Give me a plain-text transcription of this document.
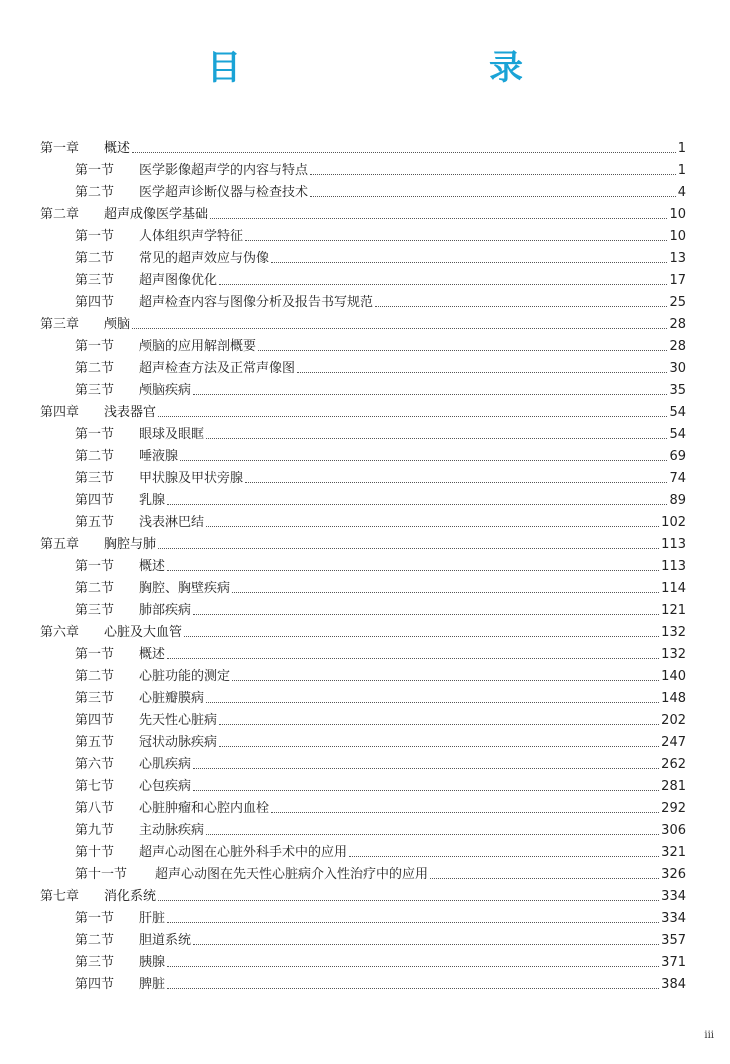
目　　录
第一章 概述	1
第一节 医学影像超声学的内容与特点	1
第二节 医学超声诊断仪器与检查技术	4
第二章 超声成像医学基础	10
第一节 人体组织声学特征	10
第二节 常见的超声效应与伪像	13
第三节 超声图像优化	17
第四节 超声检查内容与图像分析及报告书写规范	25
第三章 颅脑	28
第一节 颅脑的应用解剖概要	28
第二节 超声检查方法及正常声像图	30
第三节 颅脑疾病	35
第四章 浅表器官	54
第一节 眼球及眼眶	54
第二节 唾液腺	69
第三节 甲状腺及甲状旁腺	74
第四节 乳腺	89
第五节 浅表淋巴结	102
第五章 胸腔与肺	113
第一节 概述	113
第二节 胸腔、胸壁疾病	114
第三节 肺部疾病	121
第六章 心脏及大血管	132
第一节 概述	132
第二节 心脏功能的测定	140
第三节 心脏瓣膜病	148
第四节 先天性心脏病	202
第五节 冠状动脉疾病	247
第六节 心肌疾病	262
第七节 心包疾病	281
第八节 心脏肿瘤和心腔内血栓	292
第九节 主动脉疾病	306
第十节 超声心动图在心脏外科手术中的应用	321
第十一节 超声心动图在先天性心脏病介入性治疗中的应用	326
第七章 消化系统	334
第一节 肝脏	334
第二节 胆道系统	357
第三节 胰腺	371
第四节 脾脏	384
iii
